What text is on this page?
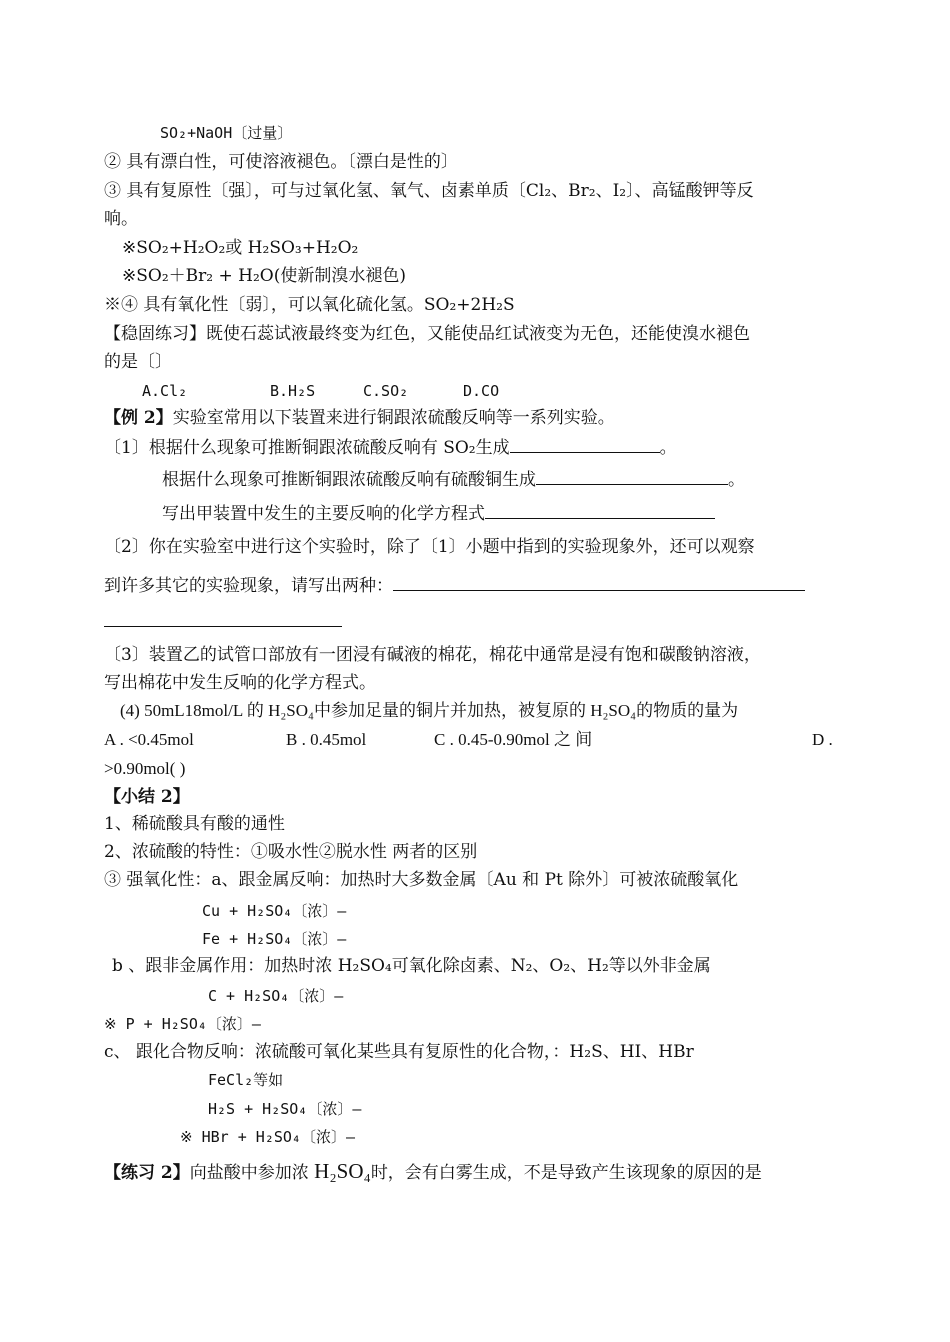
SO₂+NaOH〔过量〕
② 具有漂白性，可使溶液褪色。〔漂白是性的〕
③ 具有复原性〔强〕，可与过氧化氢、氧气、卤素单质〔Cl₂、Br₂、I₂〕、高锰酸钾等反
响。
※SO₂+H₂O₂或 H₂SO₃+H₂O₂
※SO₂＋Br₂ + H₂O(使新制溴水褪色)
※④ 具有氧化性〔弱〕，可以氧化硫化氢。SO₂+2H₂S
【稳固练习】既使石蕊试液最终变为红色，又能使品红试液变为无色，还能使溴水褪色
的是〔〕
A.Cl₂	B.H₂S	C.SO₂	D.CO
【例 2】实验室常用以下装置来进行铜跟浓硫酸反响等一系列实验。
〔1〕根据什么现象可推断铜跟浓硫酸反响有 SO₂生成	。
根据什么现象可推断铜跟浓硫酸反响有硫酸铜生成	。
写出甲装置中发生的主要反响的化学方程式
〔2〕你在实验室中进行这个实验时，除了〔1〕小题中指到的实验现象外，还可以观察
到许多其它的实验现象，请写出两种：
〔3〕装置乙的试管口部放有一团浸有碱液的棉花，棉花中通常是浸有饱和碳酸钠溶液，
写出棉花中发生反响的化学方程式。
(4) 50mL18mol/L 的 H₂SO₄中参加足量的铜片并加热，被复原的 H₂SO₄的物质的量为
A . <0.45mol	B . 0.45mol	C . 0.45-0.90mol 之 间	D .
>0.90mol( )
【小结 2】
1、稀硫酸具有酸的通性
2、浓硫酸的特性：①吸水性②脱水性 两者的区别
③ 强氧化性：a、跟金属反响：加热时大多数金属〔Au 和 Pt 除外〕可被浓硫酸氧化
Cu + H₂SO₄〔浓〕—
Fe + H₂SO₄〔浓〕—
b 、跟非金属作用：加热时浓 H₂SO₄可氧化除卤素、N₂、O₂、H₂等以外非金属
C + H₂SO₄〔浓〕—
※ P + H₂SO₄〔浓〕—
c、 跟化合物反响：浓硫酸可氧化某些具有复原性的化合物，：H₂S、HI、HBr
FeCl₂等如
H₂S + H₂SO₄〔浓〕—
※ HBr + H₂SO₄〔浓〕—
【练习 2】向盐酸中参加浓 H₂SO₄时，会有白雾生成，不是导致产生该现象的原因的是
